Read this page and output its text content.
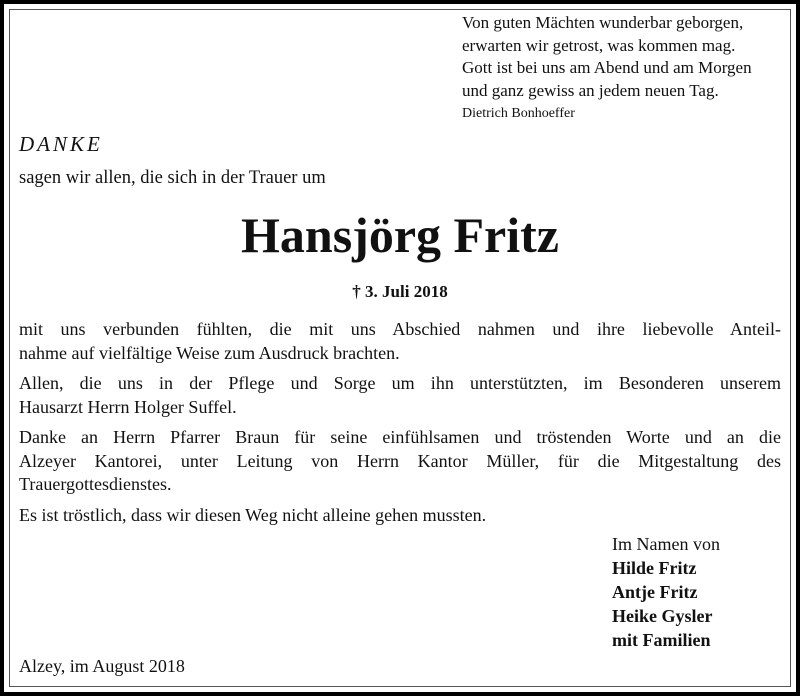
Von guten Mächten wunderbar geborgen,
erwarten wir getrost, was kommen mag.
Gott ist bei uns am Abend und am Morgen
und ganz gewiss an jedem neuen Tag.
Dietrich Bonhoeffer
DANKE
sagen wir allen, die sich in der Trauer um
Hansjörg Fritz
† 3. Juli 2018
mit uns verbunden fühlten, die mit uns Abschied nahmen und ihre liebevolle Anteil-
nahme auf vielfältige Weise zum Ausdruck brachten.
Allen, die uns in der Pflege und Sorge um ihn unterstützten, im Besonderen unserem
Hausarzt Herrn Holger Suffel.
Danke an Herrn Pfarrer Braun für seine einfühlsamen und tröstenden Worte und an die
Alzeyer Kantorei, unter Leitung von Herrn Kantor Müller, für die Mitgestaltung des
Trauergottesdienstes.
Es ist tröstlich, dass wir diesen Weg nicht alleine gehen mussten.
Im Namen von
Hilde Fritz
Antje Fritz
Heike Gysler
mit Familien
Alzey, im August 2018
